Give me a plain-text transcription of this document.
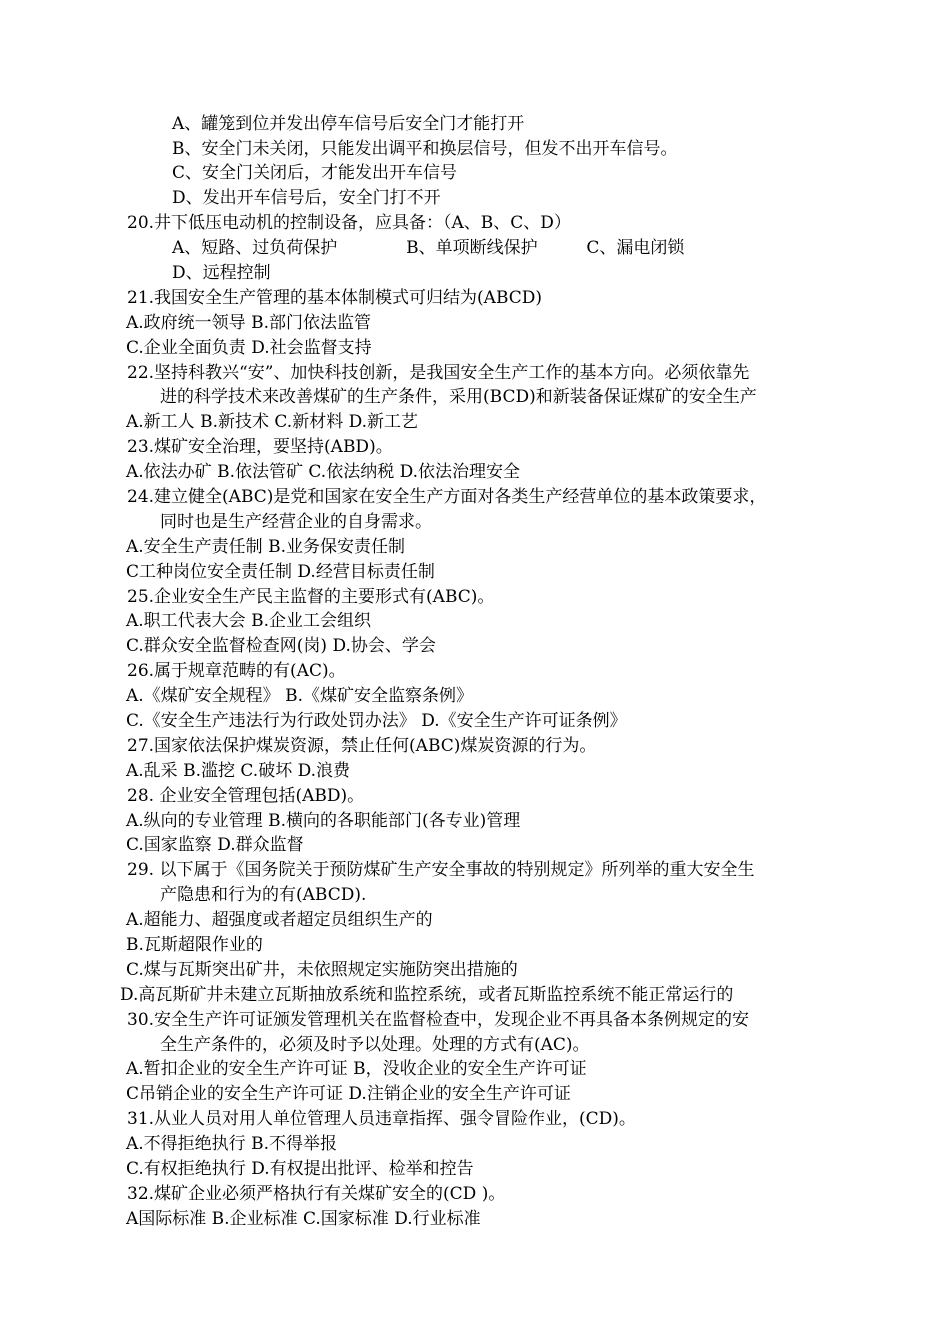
A、罐笼到位并发出停车信号后安全门才能打开
B、安全门未关闭，只能发出调平和换层信号，但发不出开车信号。
C、安全门关闭后，才能发出开车信号
D、发出开车信号后，安全门打不开
20.井下低压电动机的控制设备，应具备：（A、B、C、D）
A、短路、过负荷保护	B、单项断线保护	C、漏电闭锁
D、远程控制
21.我国安全生产管理的基本体制模式可归结为(ABCD)
A.政府统一领导 B.部门依法监管
C.企业全面负责 D.社会监督支持
22.坚持科教兴“安”、加快科技创新，是我国安全生产工作的基本方向。必须依靠先
进的科学技术来改善煤矿的生产条件，采用(BCD)和新装备保证煤矿的安全生产
A.新工人 B.新技术 C.新材料 D.新工艺
23.煤矿安全治理，要坚持(ABD)。
A.依法办矿 B.依法管矿 C.依法纳税 D.依法治理安全
24.建立健全(ABC)是党和国家在安全生产方面对各类生产经营单位的基本政策要求，
同时也是生产经营企业的自身需求。
A.安全生产责任制 B.业务保安责任制
C工种岗位安全责任制 D.经营目标责任制
25.企业安全生产民主监督的主要形式有(ABC)。
A.职工代表大会 B.企业工会组织
C.群众安全监督检查网(岗) D.协会、学会
26.属于规章范畴的有(AC)。
A.《煤矿安全规程》 B.《煤矿安全监察条例》
C.《安全生产违法行为行政处罚办法》 D.《安全生产许可证条例》
27.国家依法保护煤炭资源，禁止任何(ABC)煤炭资源的行为。
A.乱采 B.滥挖 C.破坏 D.浪费
28. 企业安全管理包括(ABD)。
A.纵向的专业管理 B.横向的各职能部门(各专业)管理
C.国家监察 D.群众监督
29. 以下属于《国务院关于预防煤矿生产安全事故的特别规定》所列举的重大安全生
产隐患和行为的有(ABCD).
A.超能力、超强度或者超定员组织生产的
B.瓦斯超限作业的
C.煤与瓦斯突出矿井，未依照规定实施防突出措施的
D.高瓦斯矿井未建立瓦斯抽放系统和监控系统，或者瓦斯监控系统不能正常运行的
30.安全生产许可证颁发管理机关在监督检查中，发现企业不再具备本条例规定的安
全生产条件的，必须及时予以处理。处理的方式有(AC)。
A.暂扣企业的安全生产许可证 B，没收企业的安全生产许可证
C吊销企业的安全生产许可证 D.注销企业的安全生产许可证
31.从业人员对用人单位管理人员违章指挥、强令冒险作业，(CD)。
A.不得拒绝执行 B.不得举报
C.有权拒绝执行 D.有权提出批评、检举和控告
32.煤矿企业必须严格执行有关煤矿安全的(CD )。
A国际标准 B.企业标准 C.国家标准 D.行业标准
